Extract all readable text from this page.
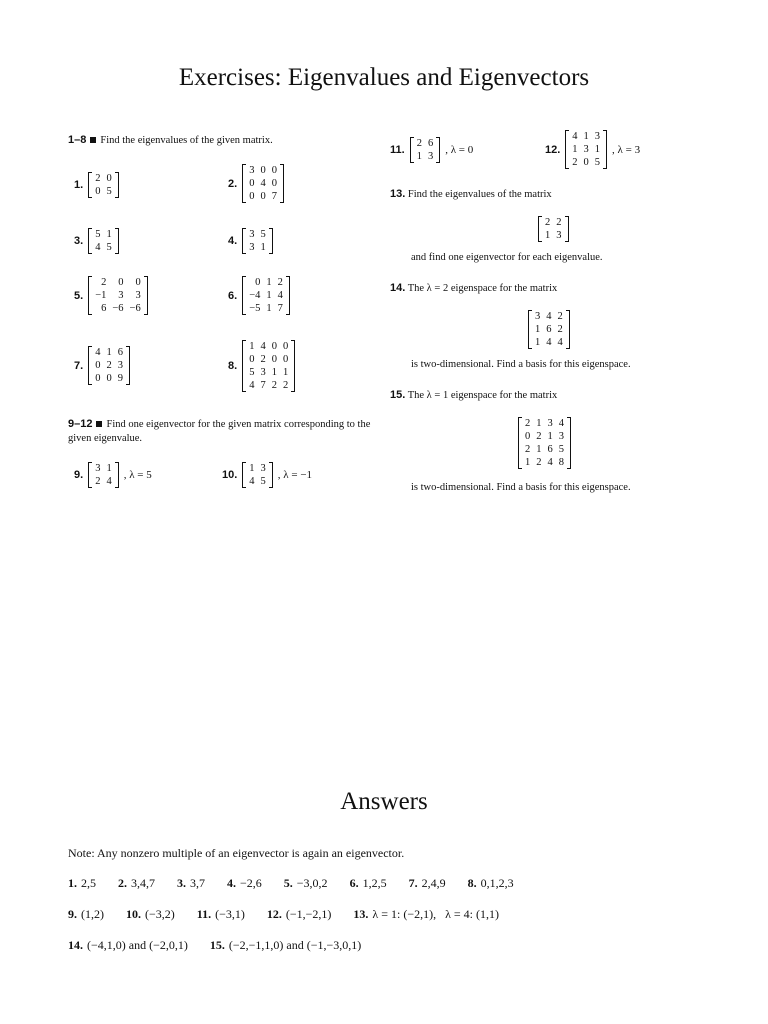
Exercises: Eigenvalues and Eigenvectors
1–8 Find the eigenvalues of the given matrix.
1.
2 0
0 5
2.
3 0 0
0 4 0
0 0 7
3.
5 1
4 5
4.
3 5
3 1
5.
2	0	0
−1	3	3
6 −6 −6
6.
0 1 2
−4 1 4
−5 1 7
7.
4 1 6
0 2 3
0 0 9
8.
1 4 0 0
0 2 0 0
5 3 1 1
4 7 2 2
9–12 Find one eigenvector for the given matrix corresponding to the given eigenvalue.
9.
3 1
2 4
, λ = 5	10.
1 3
4 5
, λ = −1
11.
2 6
1 3
, λ = 0	12.
4 1 3
1 3 1
2 0 5
, λ = 3
13. Find the eigenvalues of the matrix
2 2
1 3
and find one eigenvector for each eigenvalue.
14. The λ = 2 eigenspace for the matrix
3 4 2
1 6 2
1 4 4
is two-dimensional. Find a basis for this eigenspace.
15. The λ = 1 eigenspace for the matrix
2 1 3 4
0 2 1 3
2 1 6 5
1 2 4 8
is two-dimensional. Find a basis for this eigenspace.
Answers
Note: Any nonzero multiple of an eigenvector is again an eigenvector.
1. 2,5 2. 3,4,7 3. 3,7 4. −2,6 5. −3,0,2 6. 1,2,5 7. 2,4,9 8. 0,1,2,3
9. (1,2) 10. (−3,2) 11. (−3,1) 12. (−1,−2,1) 13. λ = 1: (−2,1),   λ = 4: (1,1)
14. (−4,1,0) and (−2,0,1) 15. (−2,−1,1,0) and (−1,−3,0,1)
